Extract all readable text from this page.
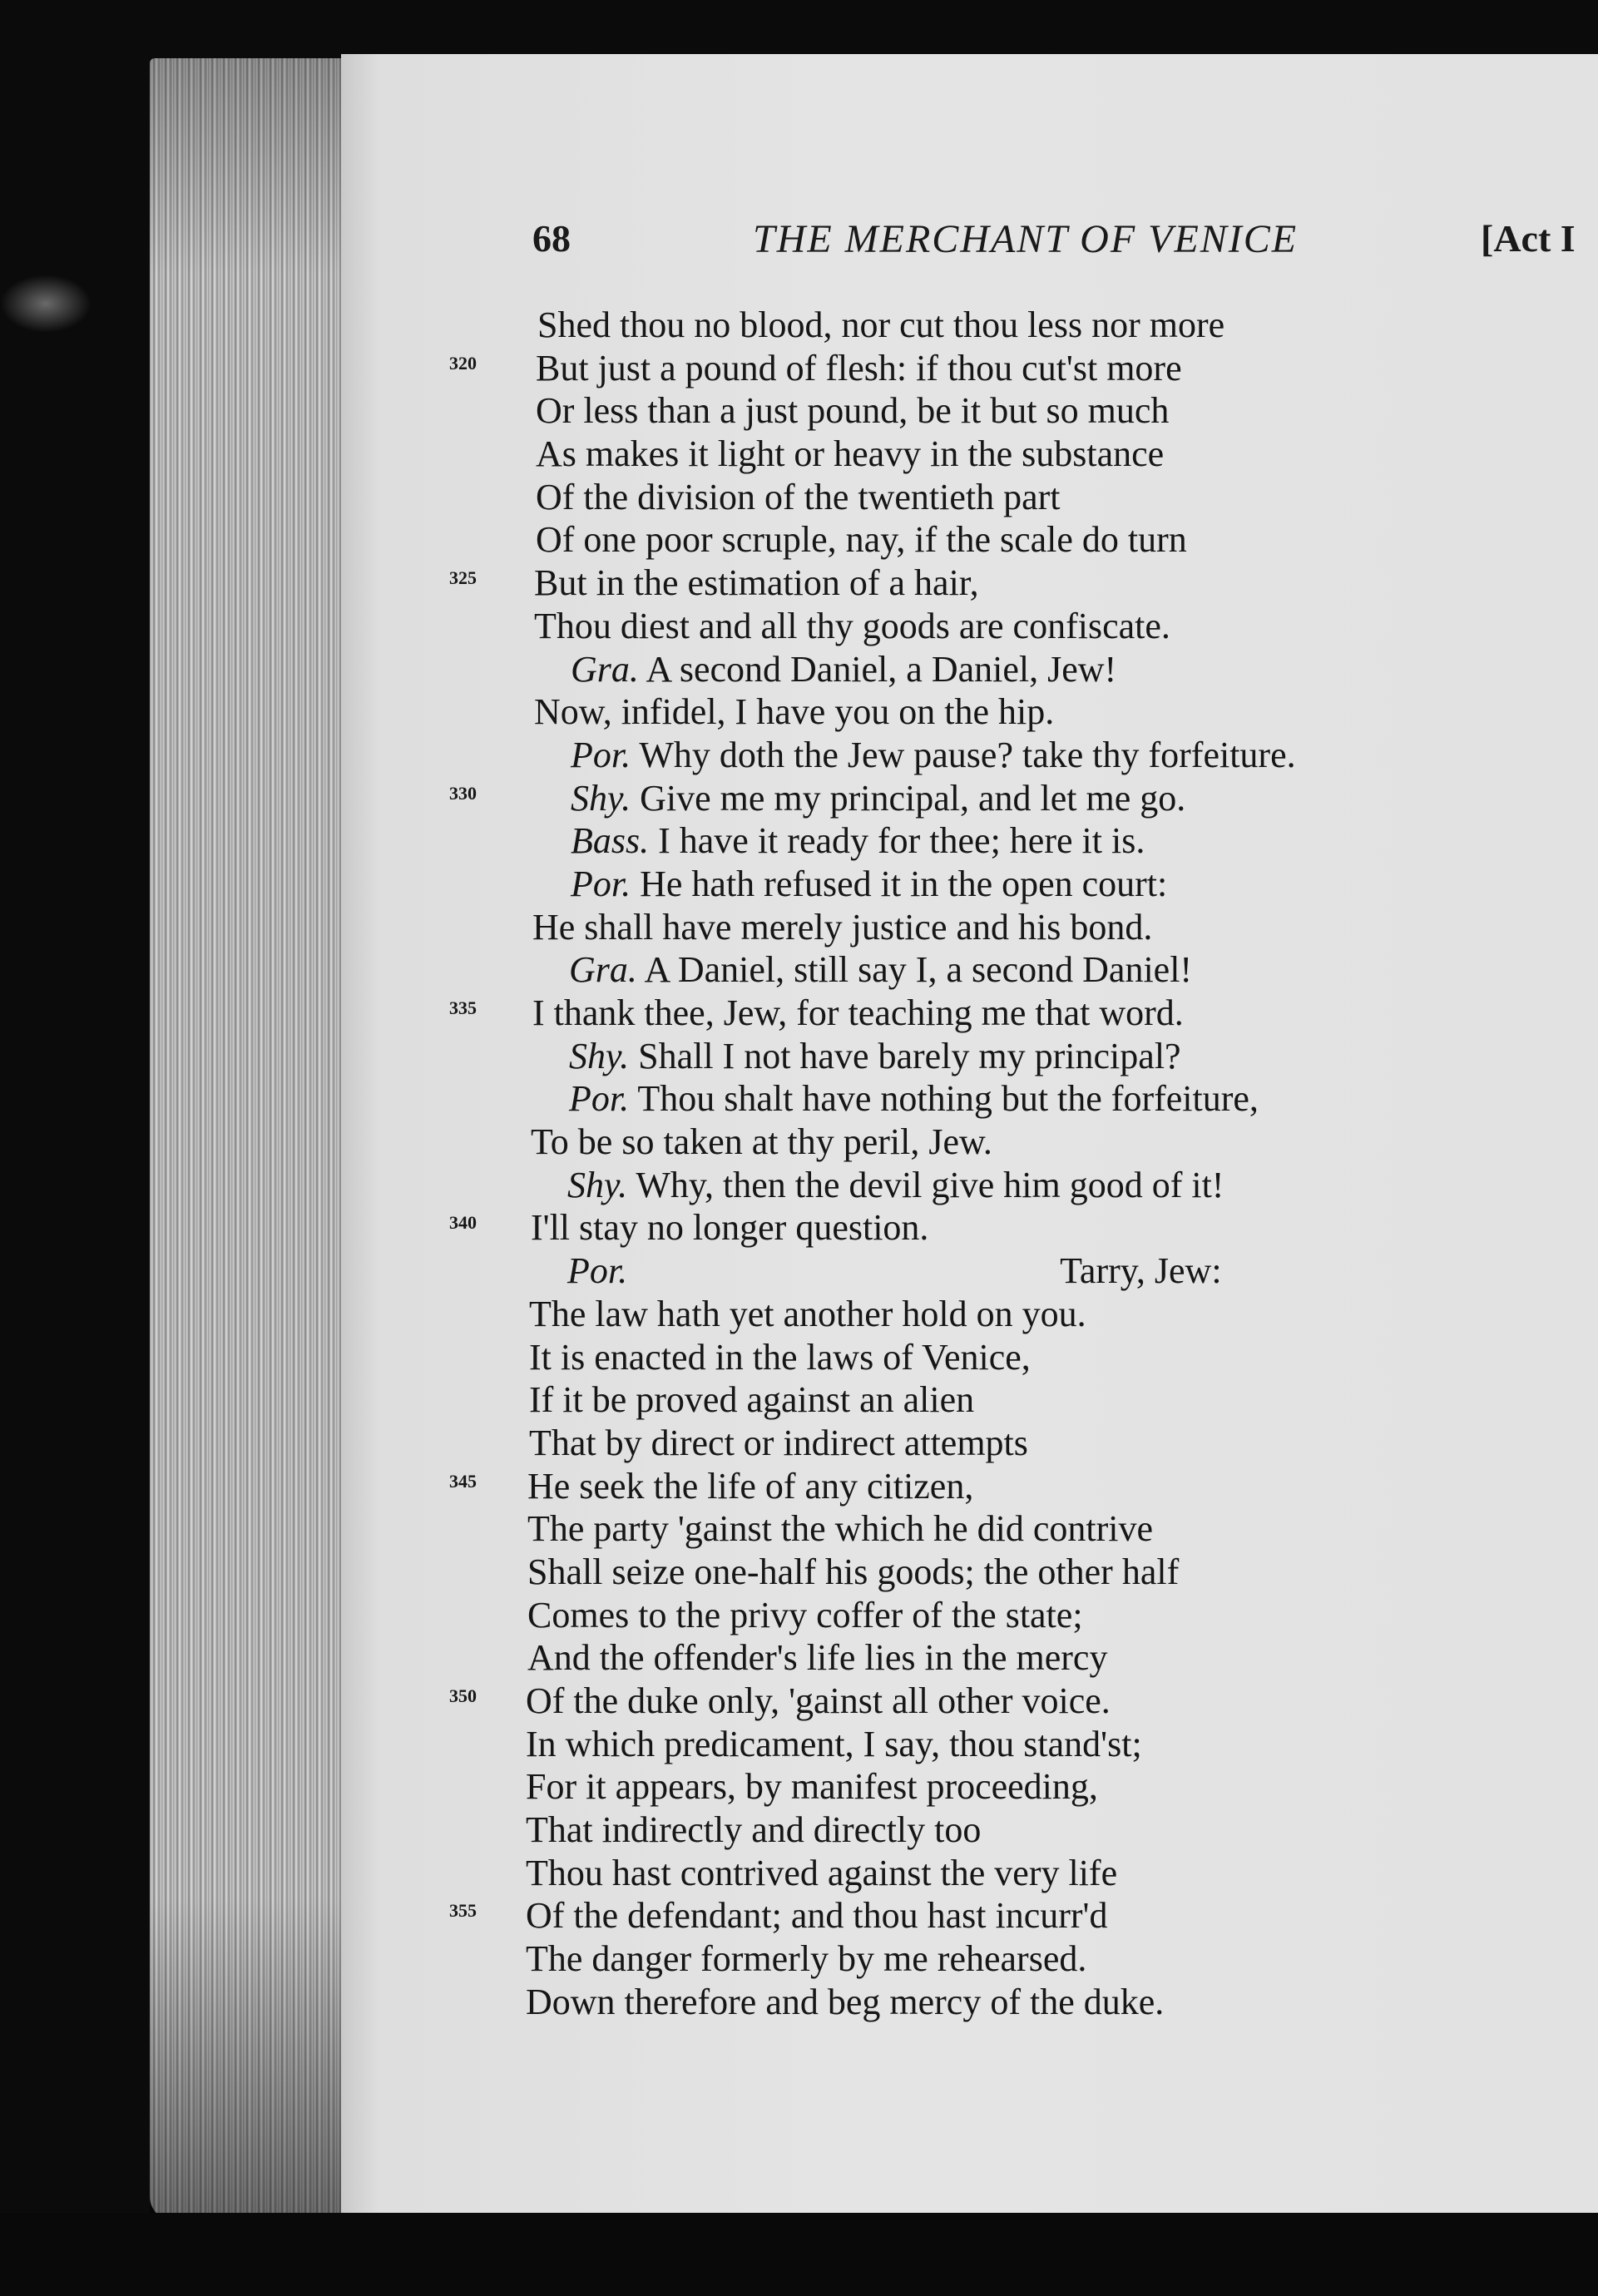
68	THE MERCHANT OF VENICE	[Act I
Shed thou no blood, nor cut thou less nor more
320	But just a pound of flesh: if thou cut'st more
Or less than a just pound, be it but so much
As makes it light or heavy in the substance
Of the division of the twentieth part
Of one poor scruple, nay, if the scale do turn
325	But in the estimation of a hair,
Thou diest and all thy goods are confiscate.
Gra. A second Daniel, a Daniel, Jew!
Now, infidel, I have you on the hip.
Por. Why doth the Jew pause? take thy forfeiture.
330	Shy. Give me my principal, and let me go.
Bass. I have it ready for thee; here it is.
Por. He hath refused it in the open court:
He shall have merely justice and his bond.
Gra. A Daniel, still say I, a second Daniel!
335	I thank thee, Jew, for teaching me that word.
Shy. Shall I not have barely my principal?
Por. Thou shalt have nothing but the forfeiture,
To be so taken at thy peril, Jew.
Shy. Why, then the devil give him good of it!
340	I'll stay no longer question.
Por.	Tarry, Jew:
The law hath yet another hold on you.
It is enacted in the laws of Venice,
If it be proved against an alien
That by direct or indirect attempts
345	He seek the life of any citizen,
The party 'gainst the which he did contrive
Shall seize one-half his goods; the other half
Comes to the privy coffer of the state;
And the offender's life lies in the mercy
350	Of the duke only, 'gainst all other voice.
In which predicament, I say, thou stand'st;
For it appears, by manifest proceeding,
That indirectly and directly too
Thou hast contrived against the very life
355	Of the defendant; and thou hast incurr'd
The danger formerly by me rehearsed.
Down therefore and beg mercy of the duke.
